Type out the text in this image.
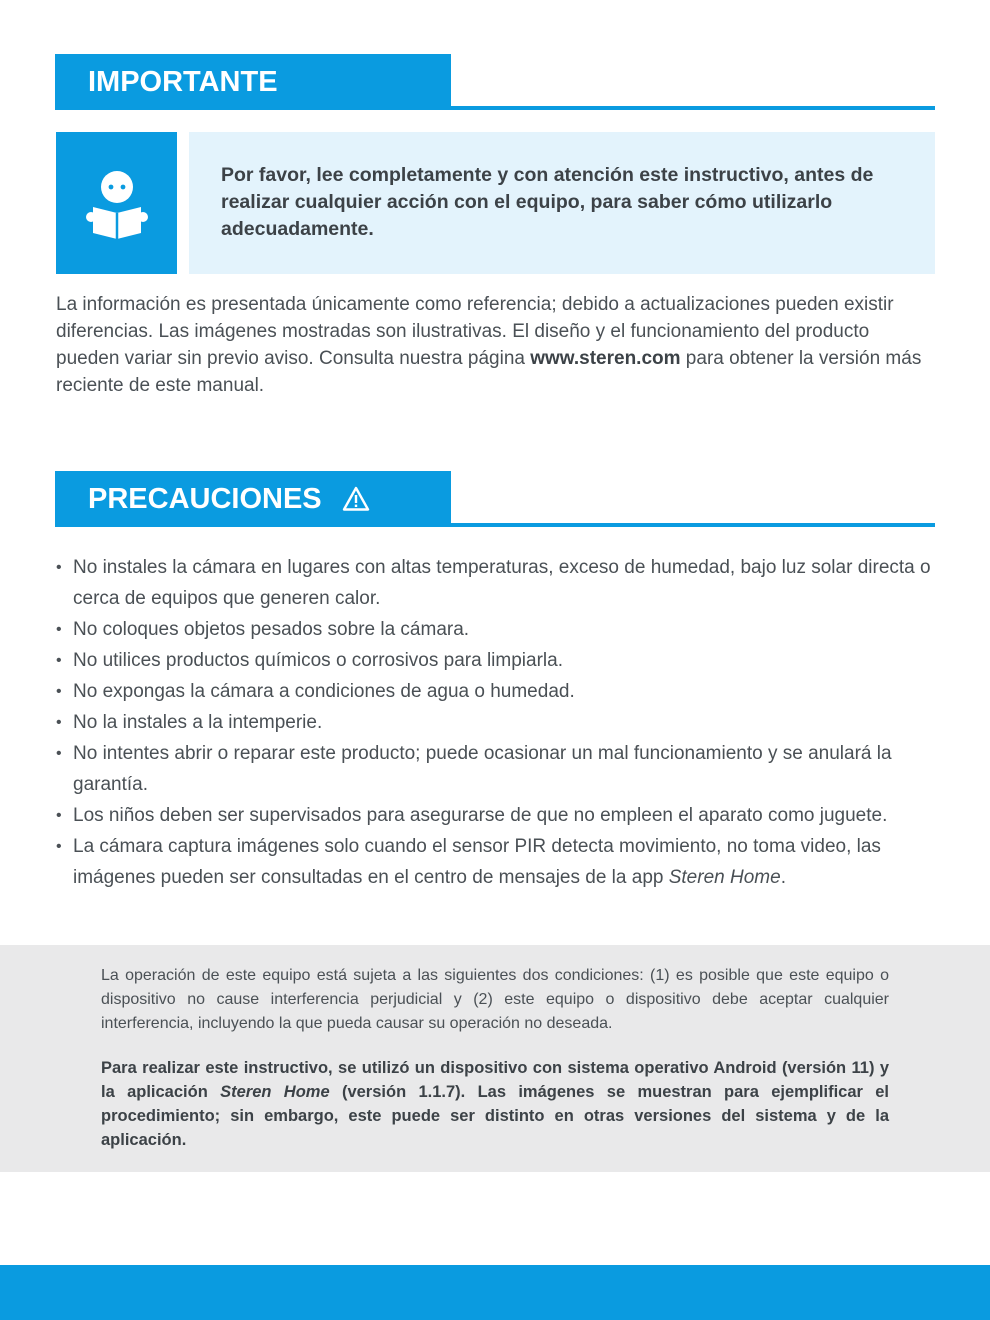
IMPORTANTE
Por favor, lee completamente y con atención este instructivo, antes de realizar cualquier acción con el equipo, para saber cómo utilizarlo adecuadamente.
La información es presentada únicamente como referencia; debido a actualizaciones pueden existir diferencias. Las imágenes mostradas son ilustrativas. El diseño y el funcionamiento del producto pueden variar sin previo aviso. Consulta nuestra página www.steren.com para obtener la versión más reciente de este manual.
PRECAUCIONES
• No instales la cámara en lugares con altas temperaturas, exceso de humedad, bajo luz solar directa o cerca de equipos que generen calor.
• No coloques objetos pesados sobre la cámara.
• No utilices productos químicos o corrosivos para limpiarla.
• No expongas la cámara a condiciones de agua o humedad.
• No la instales a la intemperie.
• No intentes abrir o reparar este producto; puede ocasionar un mal funcionamiento y se anulará la garantía.
• Los niños deben ser supervisados para asegurarse de que no empleen el aparato como juguete.
• La cámara captura imágenes solo cuando el sensor PIR detecta movimiento, no toma video, las imágenes pueden ser consultadas en el centro de mensajes de la app Steren Home.
La operación de este equipo está sujeta a las siguientes dos condiciones: (1) es posible que este equipo o dispositivo no cause interferencia perjudicial y (2) este equipo o dispositivo debe aceptar cualquier interferencia, incluyendo la que pueda causar su operación no deseada.
Para realizar este instructivo, se utilizó un dispositivo con sistema operativo Android (versión 11) y la aplicación Steren Home (versión 1.1.7). Las imágenes se muestran para ejemplificar el procedimiento; sin embargo, este puede ser distinto en otras versiones del sistema y de la aplicación.
